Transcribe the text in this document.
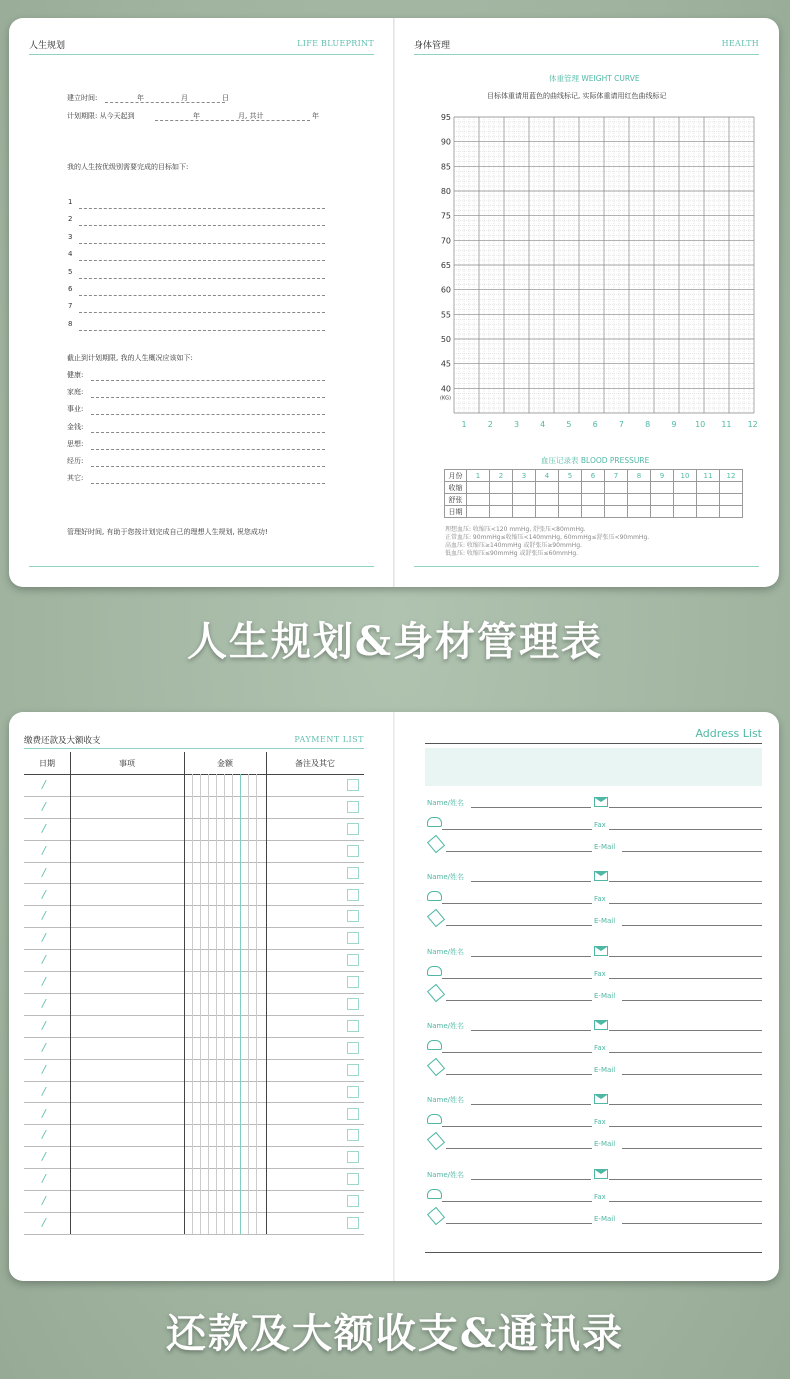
人生规划	LIFE BLUEPRINT
建立时间:	年	月	日
计划期限: 从今天起到	年	月, 共计	年
我的人生按优级别需要完成的目标如下:
1
2
3
4
5
6
7
8
截止到计划期限, 我的人生概况应该如下:
健康:
家庭:
事业:
金钱:
思想:
经历:
其它:
管理好时间, 有助于您按计划完成自己的理想人生规划, 祝您成功!
身体管理	HEALTH
体重管理 WEIGHT CURVE
目标体重请用蓝色的曲线标记, 实际体重请用红色曲线标记
95
90
85
80
75
70
65
60
55
50
45
40
(KG)
1	2	3	4	5	6	7	8	9 10 11 12
血压记录表 BLOOD PRESSURE
月份	1	2	3	4	5	6	7	8	9	10	11	12
收缩												
舒张												
日期												
理想血压: 收缩压<120 mmHg, 舒张压<80mmHg.
正常血压: 90mmHg≤收缩压<140mmHg, 60mmHg≤舒张压<90mmHg.
高血压: 收缩压≥140mmHg 或舒张压≥90mmHg.
低血压: 收缩压≤90mmHg 或舒张压≤60mmHg.
人生规划&身材管理表
缴费还款及大额收支	PAYMENT LIST
日期	事项	金额	备注及其它
/
/
/
/
/
/
/
/
/
/
/
/
/
/
/
/
/
/
/
/
/
Address List
Name/姓名
Fax
E-Mail
Name/姓名
Fax
E-Mail
Name/姓名
Fax
E-Mail
Name/姓名
Fax
E-Mail
Name/姓名
Fax
E-Mail
Name/姓名
Fax
E-Mail
还款及大额收支&通讯录
